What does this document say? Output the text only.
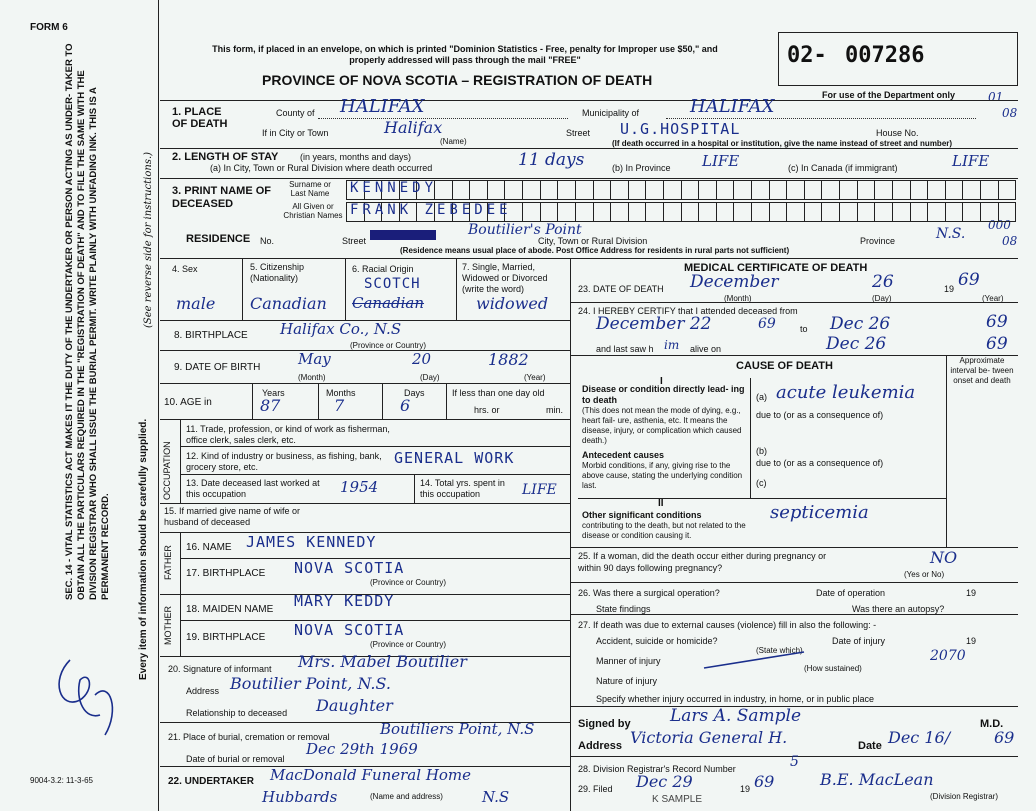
FORM 6
SEC. 14 - VITAL STATISTICS ACT MAKES IT THE DUTY OF THE UNDERTAKER OR PERSON ACTING AS UNDER- TAKER TO OBTAIN ALL THE PARTICULARS REQUIRED IN THE "REGISTRATION OF DEATH" AND TO FILE THE SAME WITH THE DIVISION REGISTRAR WHO SHALL ISSUE THE BURIAL PERMIT. WRITE PLAINLY WITH UNFADING INK. THIS IS A PERMANENT RECORD.
(See reverse side for instructions.)
Every item of information should be carefully supplied.
9004-3.2: 11-3-65
This form, if placed in an envelope, on which is printed "Dominion Statistics - Free, penalty for Improper use $50," and properly addressed will pass through the mail "FREE"
PROVINCE OF NOVA SCOTIA – REGISTRATION OF DEATH
02- 007286
For use of the Department only	01
08
000
08
1. PLACE OF DEATH
County of HALIFAX	Municipality of	HALIFAX
If in City or Town	Halifax
(Name)
Street U.G.HOSPITAL	House No.
(If death occurred in a hospital or institution, give the name instead of street and number)
2. LENGTH OF STAY (in years, months and days)
(a) In City, Town or Rural Division where death occurred	11 days	(b) In Province LIFE	(c) In Canada (if immigrant)	LIFE
3. PRINT NAME OF DECEASED
Surname or Last Name	KENNEDY
All Given or Christian Names FRANK ZEBEDEE
RESIDENCE No.	Street
Boutilier's Point
City, Town or Rural Division	Province	N.S.
(Residence means usual place of abode. Post Office Address for residents in rural parts not sufficient)
4. Sex
male
5. Citizenship (Nationality)
Canadian
6. Racial Origin
SCOTCH
Canadian
7. Single, Married, Widowed or Divorced (write the word)
widowed
8. BIRTHPLACE Halifax Co., N.S
(Province or Country)
9. DATE OF BIRTH	May	20	1882
(Month)	(Day)	(Year)
10. AGE in
Years	Months	Days
87	7	6
If less than one day old
hrs. or	min.
OCCUPATION
11. Trade, profession, or kind of work as fisherman, office clerk, sales clerk, etc.
12. Kind of industry or business, as fishing, bank, grocery store, etc.	GENERAL WORK
13. Date deceased last worked at this occupation	1954	14. Total yrs. spent in this occupation	LIFE
15. If married give name of wife or husband of deceased
FATHER 16. NAME JAMES KENNEDY
17. BIRTHPLACE NOVA SCOTIA
(Province or Country)
MOTHER 18. MAIDEN NAME MARY KEDDY
19. BIRTHPLACE NOVA SCOTIA
(Province or Country)
20. Signature of informant Mrs. Mabel Boutilier
Address Boutilier Point, N.S.
Relationship to deceased Daughter
21. Place of burial, cremation or removal	Boutiliers Point, N.S
Date of burial or removal
Dec 29th 1969
22. UNDERTAKER MacDonald Funeral Home
Hubbards	(Name and address)	N.S
MEDICAL CERTIFICATE OF DEATH
23. DATE OF DEATH December	26	19 69
(Month)	(Day)	(Year)
24. I HEREBY CERTIFY that I attended deceased from
December 22	69	to Dec 26	69
and last saw h im alive on	Dec 26	69
CAUSE OF DEATH	Approximate interval be- tween onset and death
I
Disease or condition directly lead- ing to death
(This does not mean the mode of dying, e.g., heart fail- ure, asthenia, etc. It means the disease, injury, or complication which caused death.)
(a) acute leukemia
due to (or as a consequence of)
Antecedent causes
Morbid conditions, if any, giving rise to the above cause, stating the underlying condition last.
(b)
due to (or as a consequence of)
(c)
II
Other significant conditions
contributing to the death, but not related to the disease or condition causing it.
septicemia
25. If a woman, did the death occur either during pregnancy or within 90 days following pregnancy?
NO
(Yes or No)
26. Was there a surgical operation?	Date of operation	19
State findings	Was there an autopsy?
27. If death was due to external causes (violence) fill in also the following: -
Accident, suicide or homicide?	Date of injury	19
(State which)
Manner of injury	2070
(How sustained)
Nature of injury
Specify whether injury occurred in industry, in home, or in public place
Signed by Lars A. Sample	M.D.
Address Victoria General H.	Date Dec 16/	69
28. Division Registrar's Record Number	5
29. Filed Dec 29	19 69	B.E. MacLean
(Division Registrar)
K SAMPLE
